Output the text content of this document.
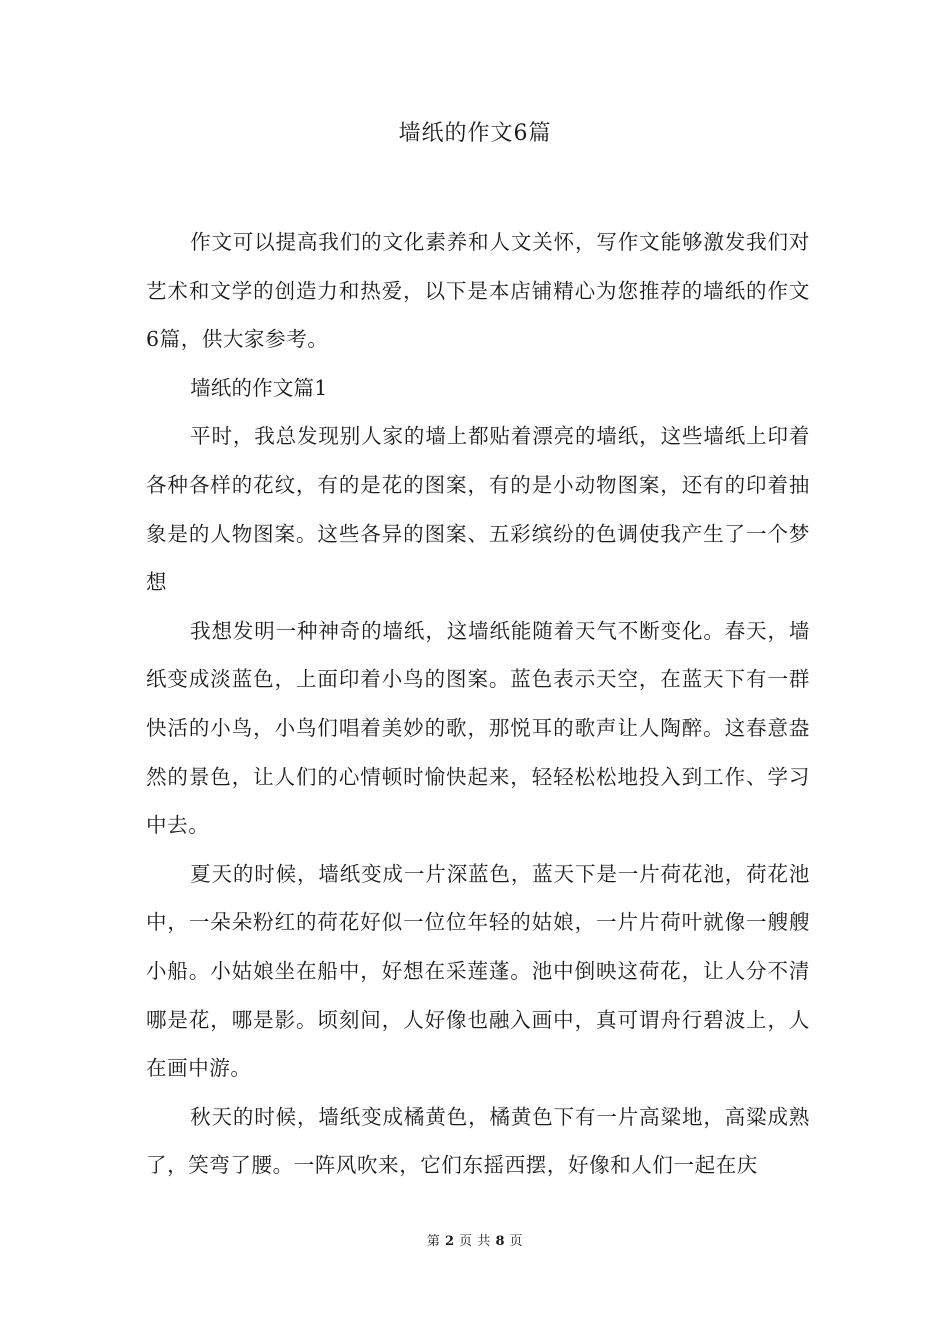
墙纸的作文6篇

作文可以提高我们的文化素养和人文关怀，写作文能够激发我们对艺术和文学的创造力和热爱，以下是本店铺精心为您推荐的墙纸的作文6篇，供大家参考。

墙纸的作文篇1

平时，我总发现别人家的墙上都贴着漂亮的墙纸，这些墙纸上印着各种各样的花纹，有的是花的图案，有的是小动物图案，还有的印着抽象是的人物图案。这些各异的图案、五彩缤纷的色调使我产生了一个梦想

我想发明一种神奇的墙纸，这墙纸能随着天气不断变化。春天，墙纸变成淡蓝色，上面印着小鸟的图案。蓝色表示天空，在蓝天下有一群快活的小鸟，小鸟们唱着美妙的歌，那悦耳的歌声让人陶醉。这春意盎然的景色，让人们的心情顿时愉快起来，轻轻松松地投入到工作、学习中去。

夏天的时候，墙纸变成一片深蓝色，蓝天下是一片荷花池，荷花池中，一朵朵粉红的荷花好似一位位年轻的姑娘，一片片荷叶就像一艘艘小船。小姑娘坐在船中，好想在采莲蓬。池中倒映这荷花，让人分不清哪是花，哪是影。顷刻间，人好像也融入画中，真可谓舟行碧波上，人在画中游。

秋天的时候，墙纸变成橘黄色，橘黄色下有一片高粱地，高粱成熟了，笑弯了腰。一阵风吹来，它们东摇西摆，好像和人们一起在庆

第 2 页 共 8 页
